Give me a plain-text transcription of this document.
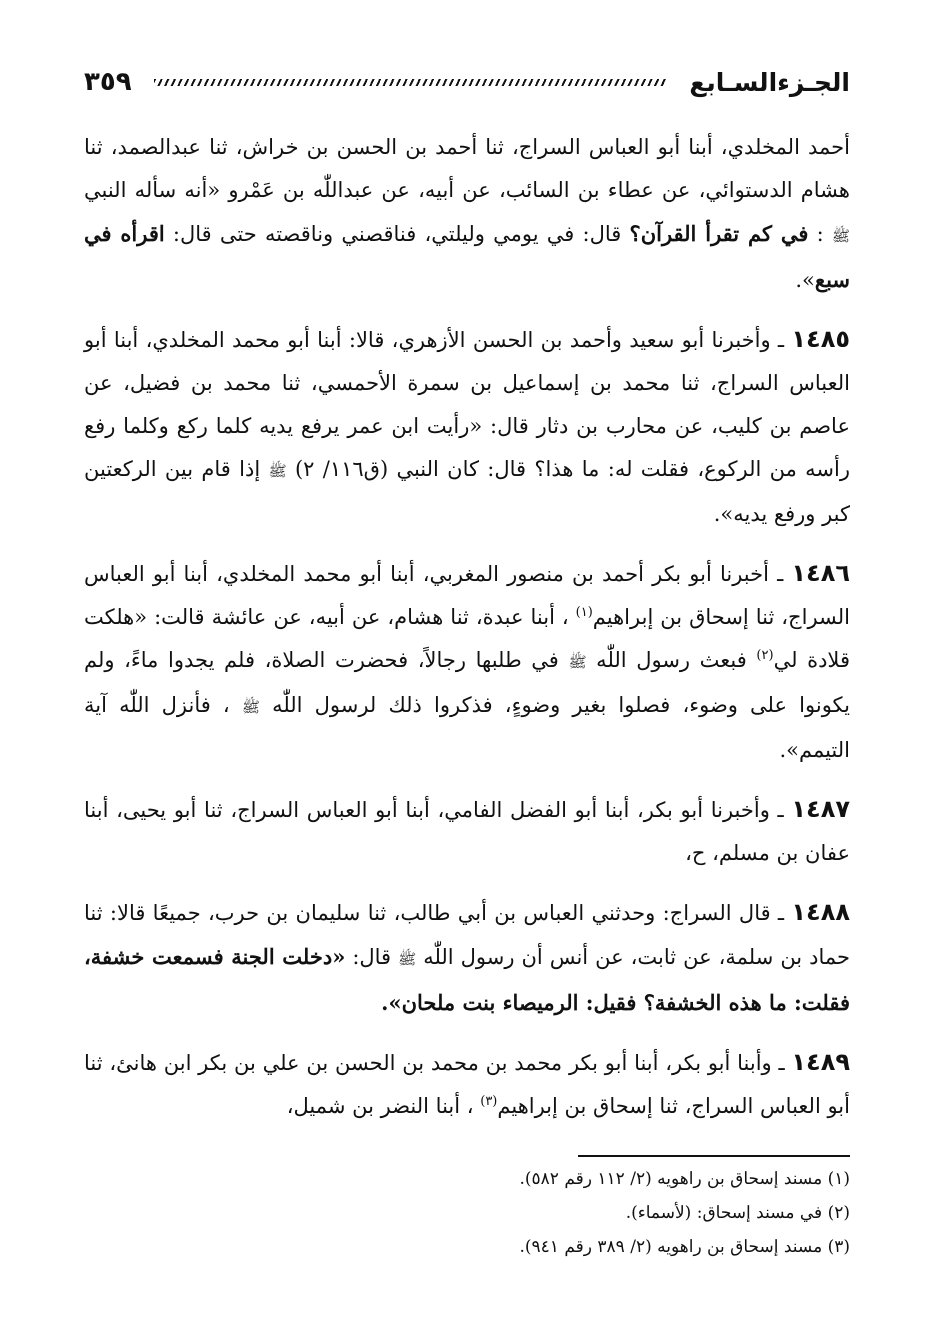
الجـزءالسـابع
٣٥٩

أحمد المخلدي، أبنا أبو العباس السراج، ثنا أحمد بن الحسن بن خراش، ثنا عبدالصمد، ثنا هشام الدستوائي، عن عطاء بن السائب، عن أبيه، عن عبداللّٰه بن عَمْرو «أنه سأله النبي ﷺ : في كم تقرأ القرآن؟ قال: في يومي وليلتي، فناقصني وناقصته حتى قال: اقرأه في سبع».

١٤٨٥ ـ وأخبرنا أبو سعيد وأحمد بن الحسن الأزهري، قالا: أبنا أبو محمد المخلدي، أبنا أبو العباس السراج، ثنا محمد بن إسماعيل بن سمرة الأحمسي، ثنا محمد بن فضيل، عن عاصم بن كليب، عن محارب بن دثار قال: «رأيت ابن عمر يرفع يديه كلما ركع وكلما رفع رأسه من الركوع، فقلت له: ما هذا؟ قال: كان النبي (ق١١٦/ ٢) ﷺ إذا قام بين الركعتين كبر ورفع يديه».

١٤٨٦ ـ أخبرنا أبو بكر أحمد بن منصور المغربي، أبنا أبو محمد المخلدي، أبنا أبو العباس السراج، ثنا إسحاق بن إبراهيم$^{(١)}$ ، أبنا عبدة، ثنا هشام، عن أبيه، عن عائشة قالت: «هلكت قلادة لي$^{(٢)}$ فبعث رسول اللّٰه ﷺ في طلبها رجالاً، فحضرت الصلاة، فلم يجدوا ماءً، ولم يكونوا على وضوء، فصلوا بغير وضوءٍ، فذكروا ذلك لرسول اللّٰه ﷺ ، فأنزل اللّٰه آية التيمم».

١٤٨٧ ـ وأخبرنا أبو بكر، أبنا أبو الفضل الفامي، أبنا أبو العباس السراج، ثنا أبو يحيى، أبنا عفان بن مسلم، ح،

١٤٨٨ ـ قال السراج: وحدثني العباس بن أبي طالب، ثنا سليمان بن حرب، جميعًا قالا: ثنا حماد بن سلمة، عن ثابت، عن أنس أن رسول اللّٰه ﷺ قال: «دخلت الجنة فسمعت خشفة، فقلت: ما هذه الخشفة؟ فقيل: الرميصاء بنت ملحان».

١٤٨٩ ـ وأبنا أبو بكر، أبنا أبو بكر محمد بن محمد بن الحسن بن علي بن بكر ابن هانئ، ثنا أبو العباس السراج، ثنا إسحاق بن إبراهيم$^{(٣)}$ ، أبنا النضر بن شميل،

(١) مسند إسحاق بن راهويه (٢/ ١١٢ رقم ٥٨٢).
(٢) في مسند إسحاق: (لأسماء).
(٣) مسند إسحاق بن راهويه (٢/ ٣٨٩ رقم ٩٤١).
